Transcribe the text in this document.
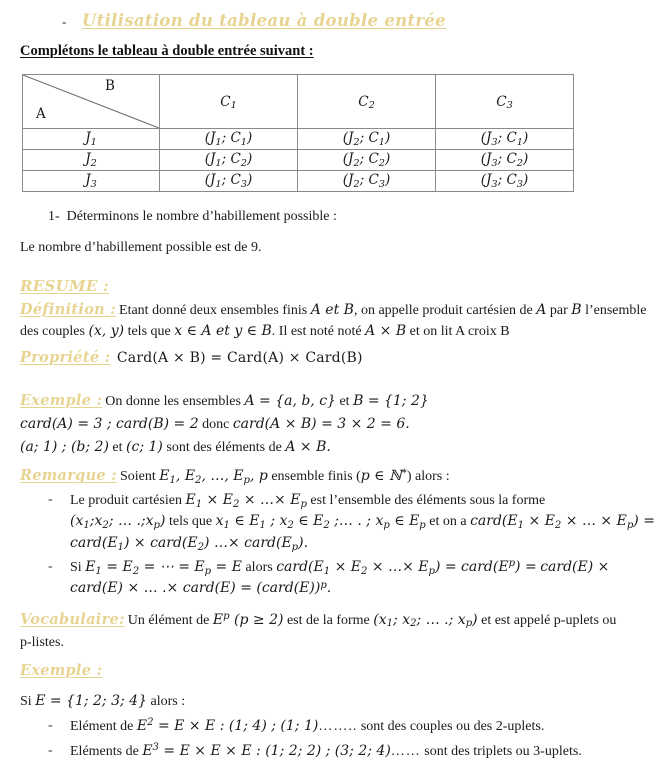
- Utilisation du tableau à double entrée
Complétons le tableau à double entrée suivant :
B
A	$C_1$	$C_2$	$C_3$
$J_1$	($J_1$; $C_1$)	($J_2$; $C_1$)	($J_3$; $C_1$)
$J_2$	($J_1$; $C_2$)	($J_2$; $C_2$)	($J_3$; $C_2$)
$J_3$	($J_1$; $C_3$)	($J_2$; $C_3$)	($J_3$; $C_3$)
1- Déterminons le nombre d’habillement possible :
Le nombre d’habillement possible est de 9.
RESUME :
Définition : Etant donné deux ensembles finis A et B, on appelle produit cartésien de A par B l’ensemble des couples (x, y) tels que x ∈ A et y ∈ B. Il est noté noté A × B et on lit A croix B
Propriété : Card(A × B) = Card(A) × Card(B)
Exemple : On donne les ensembles A = {a, b, c} et B = {1; 2}
card(A) = 3 ; card(B) = 2 donc card(A × B) = 3 × 2 = 6.
(a; 1) ; (b; 2) et (c; 1) sont des éléments de A × B.
Remarque : Soient $E_1$, $E_2$, …, $E_p$, p ensemble finis (p ∈ ℕ*) alors :
- Le produit cartésien $E_1 \times E_2$ × …× $E_p$ est l’ensemble des éléments sous la forme
($x_1;x_2$; … $.;x_p$) tels que $x_1$ ∈ $E_1$ ; $x_2$ ∈ $E_2$ ;… . ; $x_p$ ∈ $E_p$ et on a $card(E_1 \times E_2$ × … × $E_p$) =
$card(E_1)$ × $card(E_2)$ …× $card(E_p)$.
- Si $E_1 = E_2$ = ⋯ = $E_p = E$ alors $card(E_1 \times E_2$ × …× $E_p$) = $card(E^p)$ = card(E) × card(E) × … .× card(E) = (card(E))$^p$.
Vocabulaire: Un élément de $E^p$ (p ≥ 2) est de la forme ($x_1$; $x_2$; … .; $x_p$) et est appelé p-uplets ou
p-listes.
Exemple :
Si E = {1; 2; 3; 4} alors :
- Elément de $E^2 = E \times E$ : (1; 4) ; (1; 1)…….. sont des couples ou des 2-uplets.
- Eléments de $E^3 = E \times E \times E$ : (1; 2; 2) ; (3; 2; 4)…… sont des triplets ou 3-uplets.
